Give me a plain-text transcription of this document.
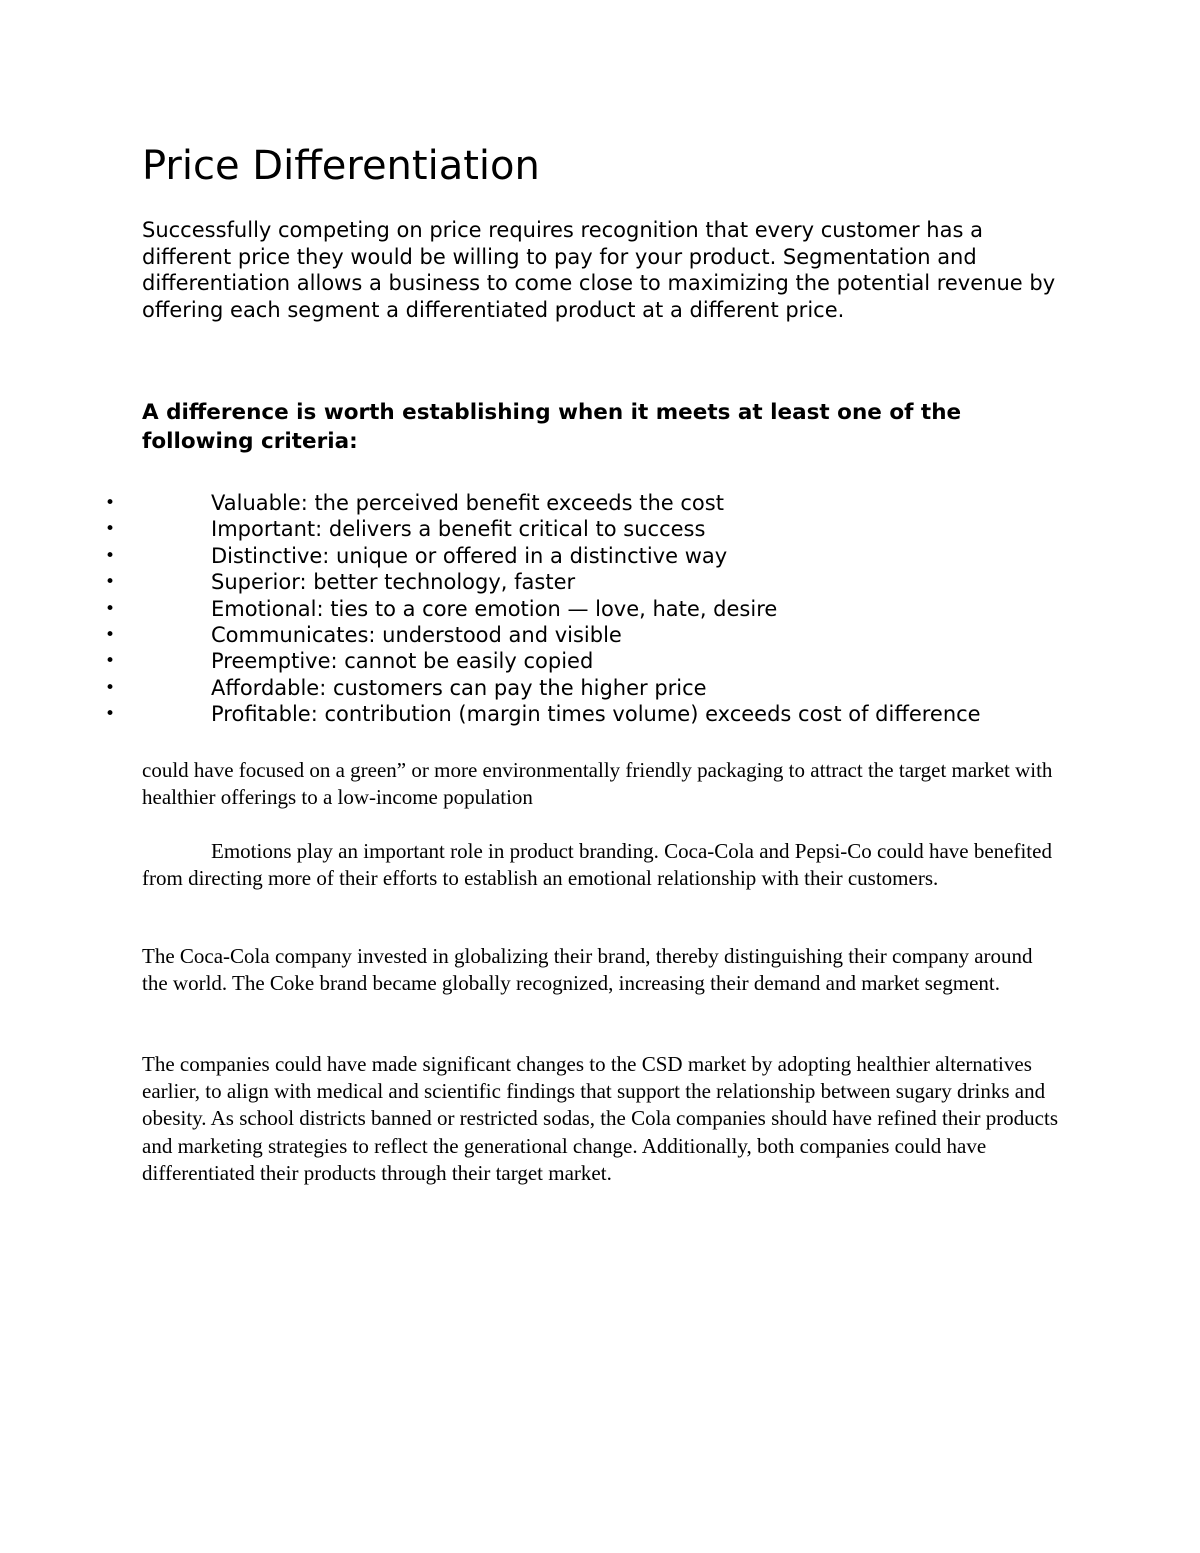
Price Differentiation

Successfully competing on price requires recognition that every customer has a different price they would be willing to pay for your product. Segmentation and differentiation allows a business to come close to maximizing the potential revenue by offering each segment a differentiated product at a different price.

A difference is worth establishing when it meets at least one of the following criteria:
•	Valuable: the perceived benefit exceeds the cost
•	Important: delivers a benefit critical to success
•	Distinctive: unique or offered in a distinctive way
•	Superior: better technology, faster
•	Emotional: ties to a core emotion — love, hate, desire
•	Communicates: understood and visible
•	Preemptive: cannot be easily copied
•	Affordable: customers can pay the higher price
•	Profitable: contribution (margin times volume) exceeds cost of difference

could have focused on a green” or more environmentally friendly packaging to attract the target market with healthier offerings to a low-income population

Emotions play an important role in product branding. Coca-Cola and Pepsi-Co could have benefited from directing more of their efforts to establish an emotional relationship with their customers.

The Coca-Cola company invested in globalizing their brand, thereby distinguishing their company around the world. The Coke brand became globally recognized, increasing their demand and market segment.

The companies could have made significant changes to the CSD market by adopting healthier alternatives earlier, to align with medical and scientific findings that support the relationship between sugary drinks and obesity. As school districts banned or restricted sodas, the Cola companies should have refined their products and marketing strategies to reflect the generational change. Additionally, both companies could have differentiated their products through their target market.
